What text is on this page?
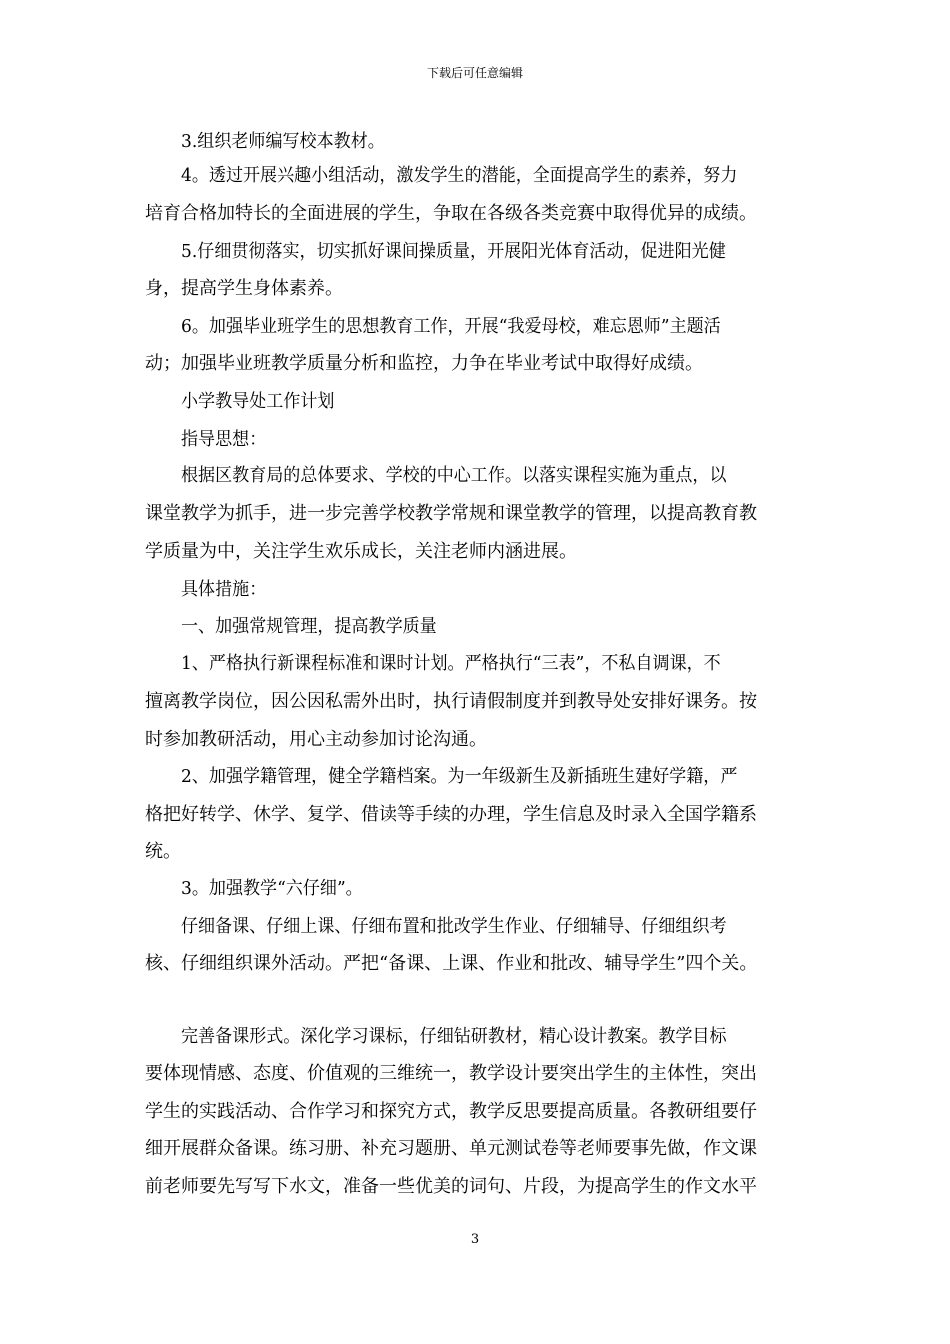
下载后可任意编辑
3.组织老师编写校本教材。
4。透过开展兴趣小组活动，激发学生的潜能，全面提高学生的素养，努力
培育合格加特长的全面进展的学生，争取在各级各类竞赛中取得优异的成绩。
5.仔细贯彻落实，切实抓好课间操质量，开展阳光体育活动，促进阳光健
身，提高学生身体素养。
6。加强毕业班学生的思想教育工作，开展“我爱母校，难忘恩师”主题活
动；加强毕业班教学质量分析和监控，力争在毕业考试中取得好成绩。
小学教导处工作计划
指导思想：
根据区教育局的总体要求、学校的中心工作。以落实课程实施为重点，以
课堂教学为抓手，进一步完善学校教学常规和课堂教学的管理，以提高教育教
学质量为中，关注学生欢乐成长，关注老师内涵进展。
具体措施：
一、加强常规管理，提高教学质量
1、严格执行新课程标准和课时计划。严格执行“三表”，不私自调课，不
擅离教学岗位，因公因私需外出时，执行请假制度并到教导处安排好课务。按
时参加教研活动，用心主动参加讨论沟通。
2、加强学籍管理，健全学籍档案。为一年级新生及新插班生建好学籍，严
格把好转学、休学、复学、借读等手续的办理，学生信息及时录入全国学籍系
统。
3。加强教学“六仔细”。
仔细备课、仔细上课、仔细布置和批改学生作业、仔细辅导、仔细组织考
核、仔细组织课外活动。严把“备课、上课、作业和批改、辅导学生”四个关。
完善备课形式。深化学习课标，仔细钻研教材，精心设计教案。教学目标
要体现情感、态度、价值观的三维统一，教学设计要突出学生的主体性，突出
学生的实践活动、合作学习和探究方式，教学反思要提高质量。各教研组要仔
细开展群众备课。练习册、补充习题册、单元测试卷等老师要事先做，作文课
前老师要先写写下水文，准备一些优美的词句、片段，为提高学生的作文水平
3
